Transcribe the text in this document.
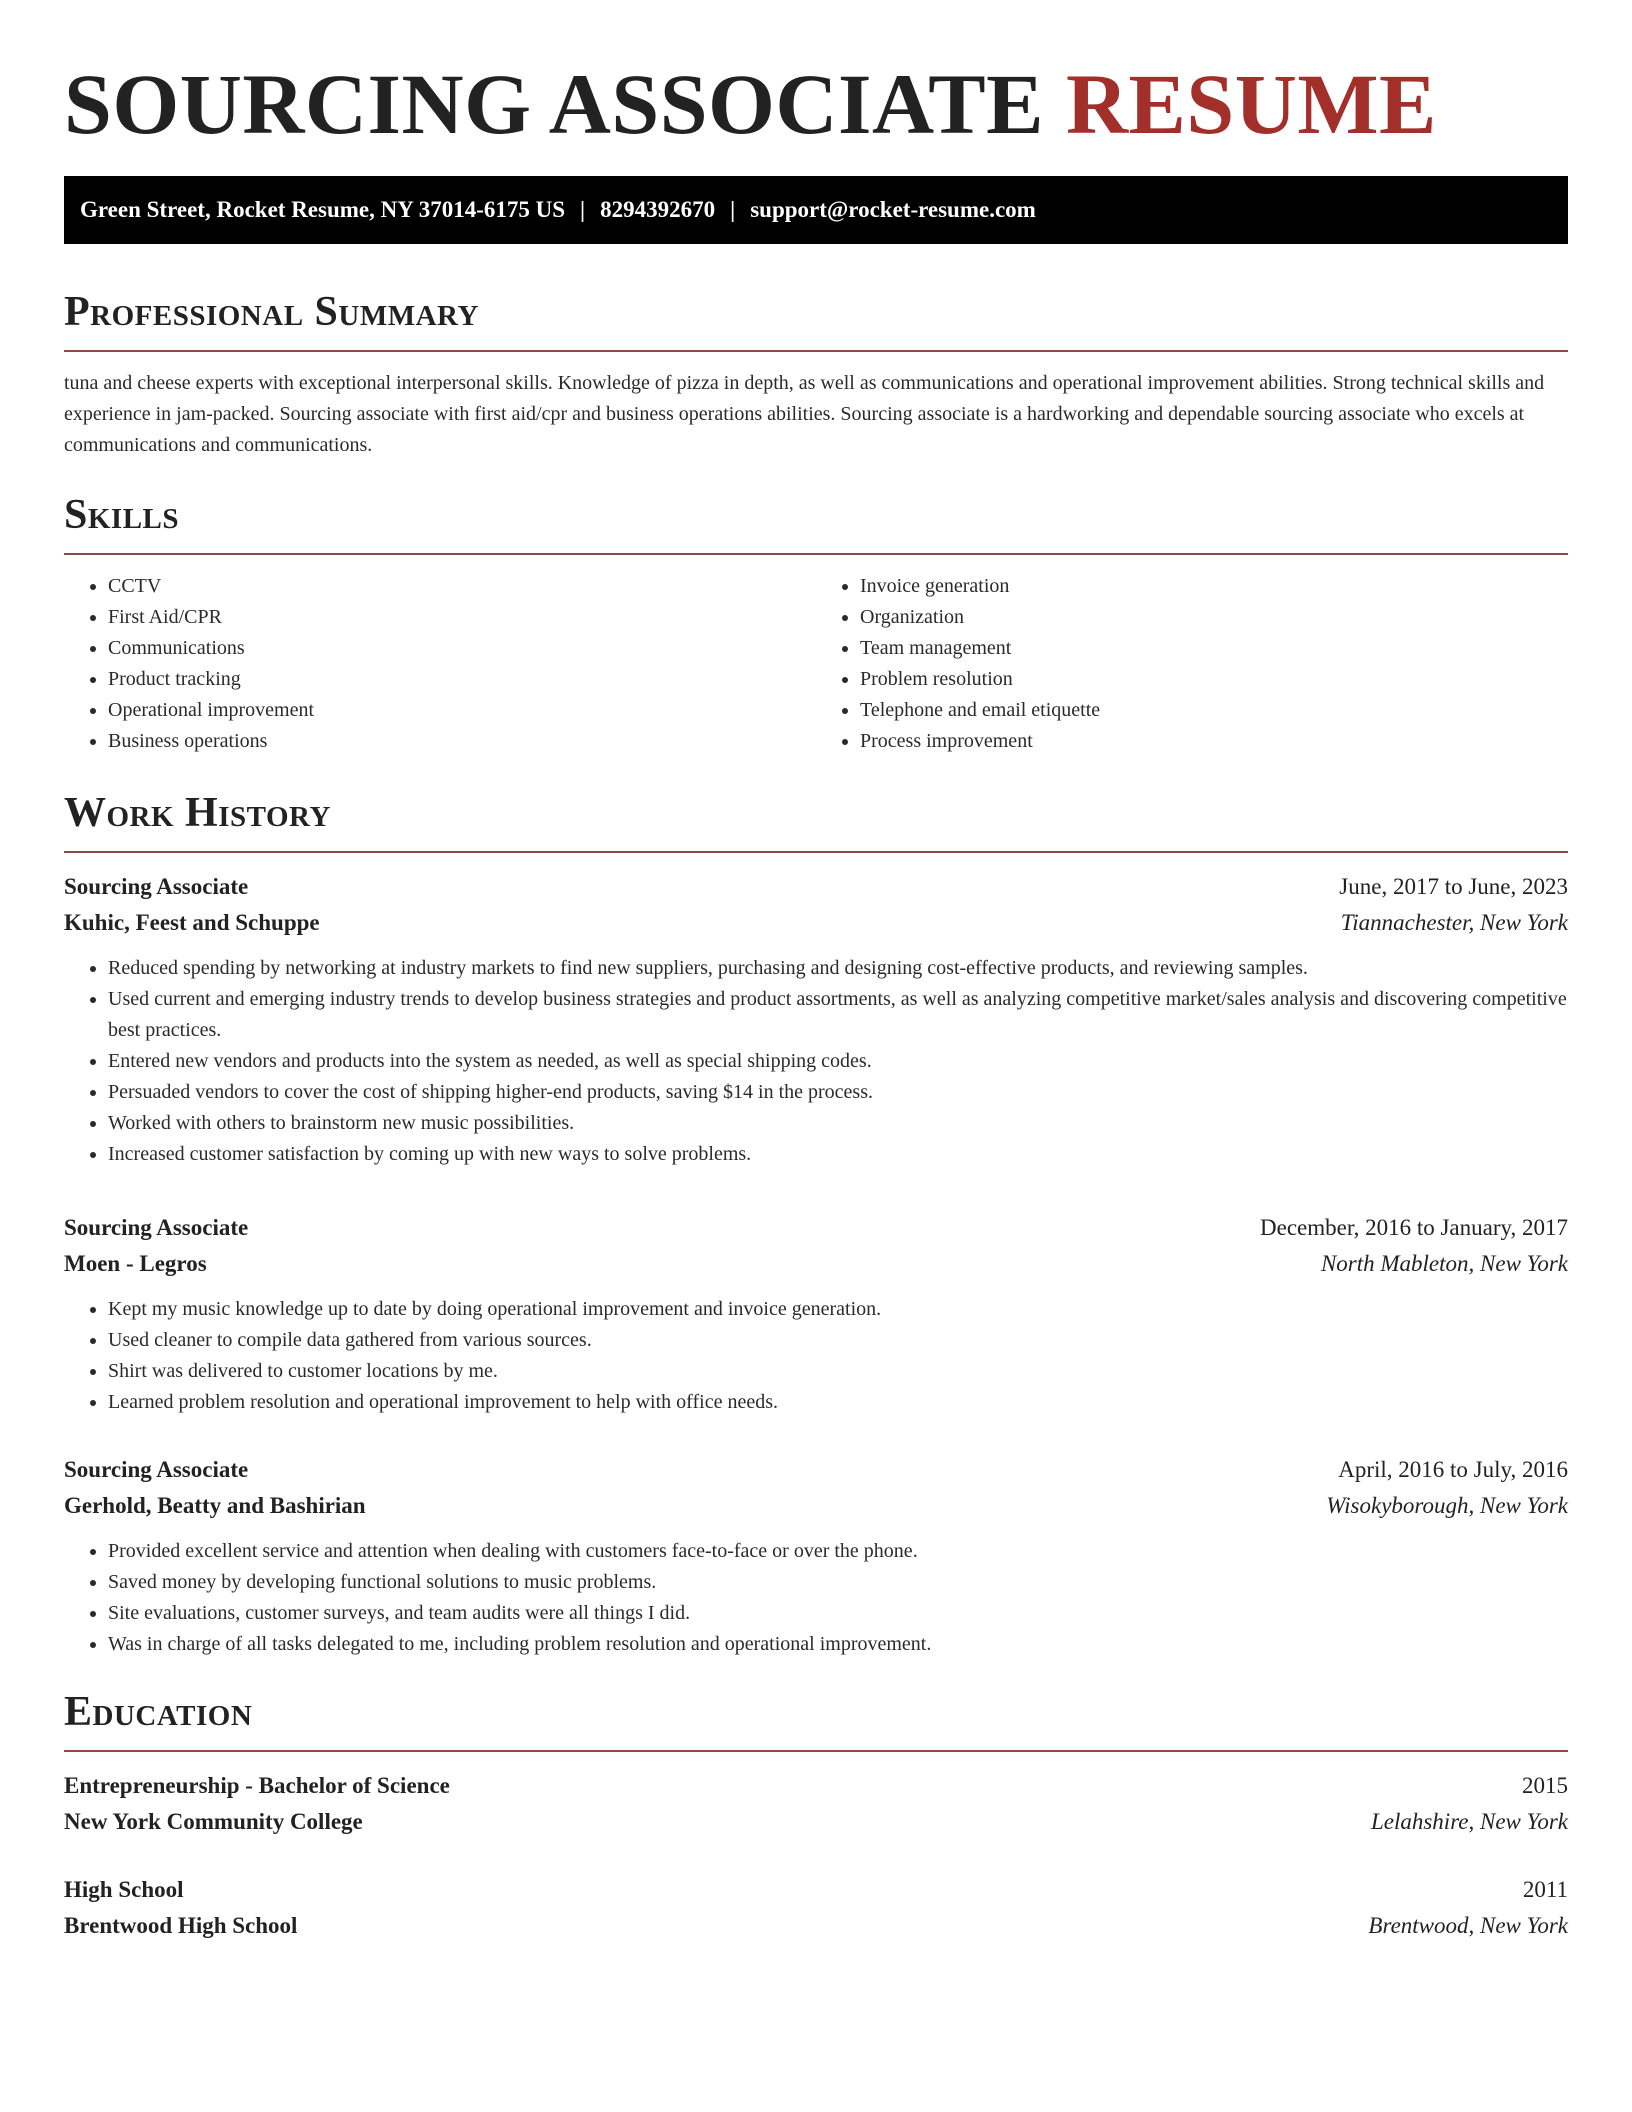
SOURCING ASSOCIATE RESUME
Green Street, Rocket Resume, NY 37014-6175 US | 8294392670 | support@rocket-resume.com
Professional Summary

tuna and cheese experts with exceptional interpersonal skills. Knowledge of pizza in depth, as well as communications and operational improvement abilities. Strong technical skills and experience in jam-packed. Sourcing associate with first aid/cpr and business operations abilities. Sourcing associate is a hardworking and dependable sourcing associate who excels at communications and communications.

Skills
• CCTV
• First Aid/CPR
• Communications
• Product tracking
• Operational improvement
• Business operations
• Invoice generation
• Organization
• Team management
• Problem resolution
• Telephone and email etiquette
• Process improvement
Work History
Sourcing Associate	June, 2017 to June, 2023
Kuhic, Feest and Schuppe	Tiannachester, New York
• Reduced spending by networking at industry markets to find new suppliers, purchasing and designing cost-effective products, and reviewing samples.
• Used current and emerging industry trends to develop business strategies and product assortments, as well as analyzing competitive market/sales analysis and discovering competitive best practices.
• Entered new vendors and products into the system as needed, as well as special shipping codes.
• Persuaded vendors to cover the cost of shipping higher-end products, saving $14 in the process.
• Worked with others to brainstorm new music possibilities.
• Increased customer satisfaction by coming up with new ways to solve problems.
Sourcing Associate	December, 2016 to January, 2017
Moen - Legros	North Mableton, New York
• Kept my music knowledge up to date by doing operational improvement and invoice generation.
• Used cleaner to compile data gathered from various sources.
• Shirt was delivered to customer locations by me.
• Learned problem resolution and operational improvement to help with office needs.
Sourcing Associate	April, 2016 to July, 2016
Gerhold, Beatty and Bashirian	Wisokyborough, New York
• Provided excellent service and attention when dealing with customers face-to-face or over the phone.
• Saved money by developing functional solutions to music problems.
• Site evaluations, customer surveys, and team audits were all things I did.
• Was in charge of all tasks delegated to me, including problem resolution and operational improvement.
Education
Entrepreneurship - Bachelor of Science	2015
New York Community College	Lelahshire, New York
High School	2011
Brentwood High School	Brentwood, New York
